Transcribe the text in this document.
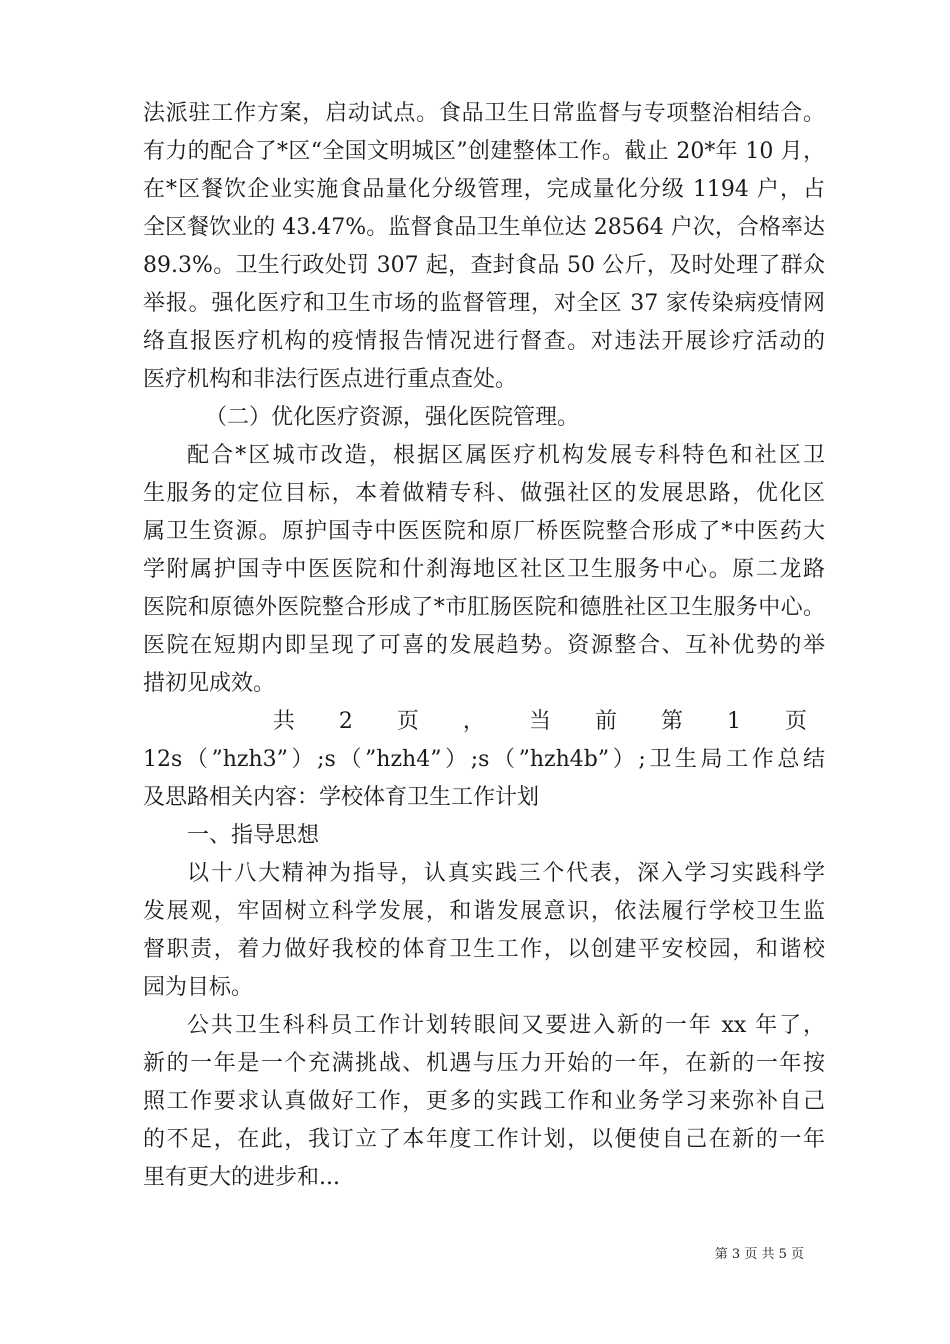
法派驻工作方案，启动试点。食品卫生日常监督与专项整治相结合。
有力的配合了*区“全国文明城区”创建整体工作。截止 20*年 10 月，
在*区餐饮企业实施食品量化分级管理，完成量化分级 1194 户，占
全区餐饮业的 43.47%。监督食品卫生单位达 28564 户次，合格率达
89.3%。卫生行政处罚 307 起，查封食品 50 公斤，及时处理了群众
举报。强化医疗和卫生市场的监督管理，对全区 37 家传染病疫情网
络直报医疗机构的疫情报告情况进行督查。对违法开展诊疗活动的
医疗机构和非法行医点进行重点查处。
（二）优化医疗资源，强化医院管理。
配合*区城市改造，根据区属医疗机构发展专科特色和社区卫
生服务的定位目标，本着做精专科、做强社区的发展思路，优化区
属卫生资源。原护国寺中医医院和原厂桥医院整合形成了*中医药大
学附属护国寺中医医院和什刹海地区社区卫生服务中心。原二龙路
医院和原德外医院整合形成了*市肛肠医院和德胜社区卫生服务中心。
医院在短期内即呈现了可喜的发展趋势。资源整合、互补优势的举
措初见成效。
共 2 页 ， 当 前 第 1 页
12s（”hzh3”）;s（”hzh4”）;s（”hzh4b”）;卫生局工作总结
及思路相关内容：学校体育卫生工作计划
一、指导思想
以十八大精神为指导，认真实践三个代表，深入学习实践科学
发展观，牢固树立科学发展，和谐发展意识，依法履行学校卫生监
督职责，着力做好我校的体育卫生工作，以创建平安校园，和谐校
园为目标。
公共卫生科科员工作计划转眼间又要进入新的一年 xx 年了，
新的一年是一个充满挑战、机遇与压力开始的一年，在新的一年按
照工作要求认真做好工作，更多的实践工作和业务学习来弥补自己
的不足，在此，我订立了本年度工作计划，以便使自己在新的一年
里有更大的进步和...
第 3 页 共 5 页
